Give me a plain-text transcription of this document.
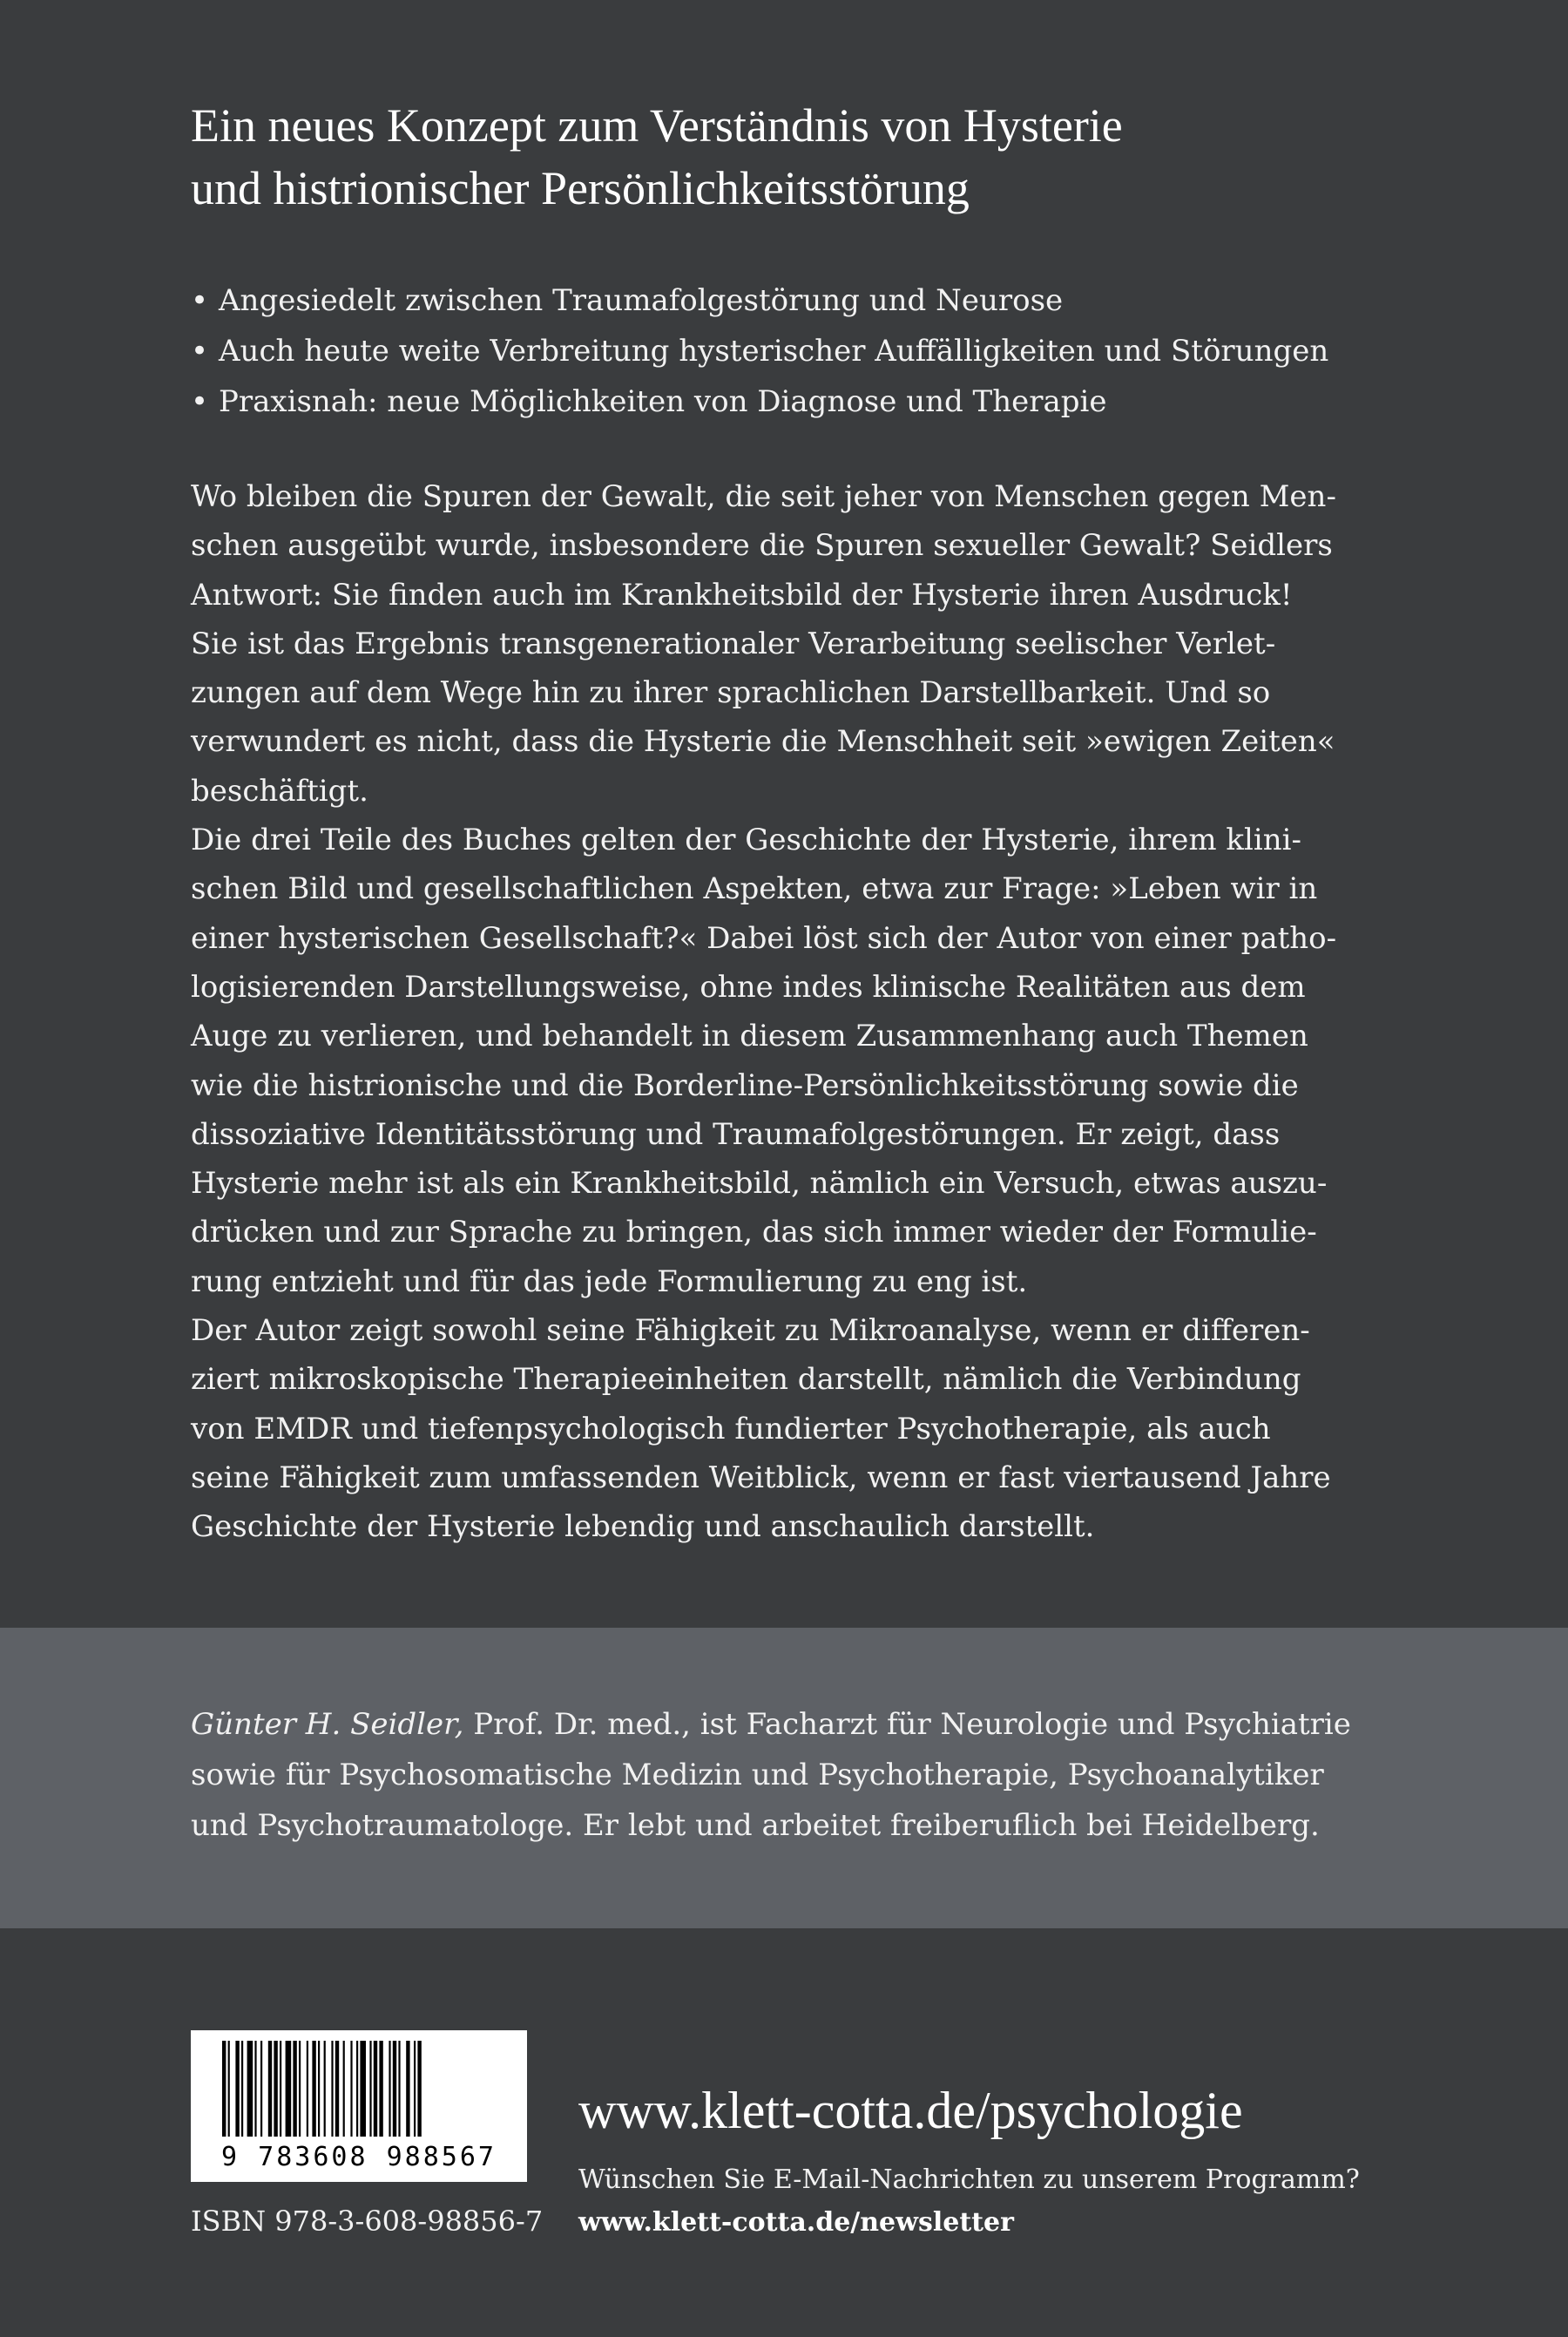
Ein neues Konzept zum Verständnis von Hysterie
und histrionischer Persönlichkeitsstörung
• Angesiedelt zwischen Traumafolgestörung und Neurose
• Auch heute weite Verbreitung hysterischer Auffälligkeiten und Störungen
• Praxisnah: neue Möglichkeiten von Diagnose und Therapie
Wo bleiben die Spuren der Gewalt, die seit jeher von Menschen gegen Men-
schen ausgeübt wurde, insbesondere die Spuren sexueller Gewalt? Seidlers
Antwort: Sie finden auch im Krankheitsbild der Hysterie ihren Ausdruck!
Sie ist das Ergebnis transgenerationaler Verarbeitung seelischer Verlet-
zungen auf dem Wege hin zu ihrer sprachlichen Darstellbarkeit. Und so
verwundert es nicht, dass die Hysterie die Menschheit seit »ewigen Zeiten«
beschäftigt.
Die drei Teile des Buches gelten der Geschichte der Hysterie, ihrem klini-
schen Bild und gesellschaftlichen Aspekten, etwa zur Frage: »Leben wir in
einer hysterischen Gesellschaft?« Dabei löst sich der Autor von einer patho-
logisierenden Darstellungsweise, ohne indes klinische Realitäten aus dem
Auge zu verlieren, und behandelt in diesem Zusammenhang auch Themen
wie die histrionische und die Borderline-Persönlichkeitsstörung sowie die
dissoziative Identitätsstörung und Traumafolgestörungen. Er zeigt, dass
Hysterie mehr ist als ein Krankheitsbild, nämlich ein Versuch, etwas auszu-
drücken und zur Sprache zu bringen, das sich immer wieder der Formulie-
rung entzieht und für das jede Formulierung zu eng ist.
Der Autor zeigt sowohl seine Fähigkeit zu Mikroanalyse, wenn er differen-
ziert mikroskopische Therapieeinheiten darstellt, nämlich die Verbindung
von EMDR und tiefenpsychologisch fundierter Psychotherapie, als auch
seine Fähigkeit zum umfassenden Weitblick, wenn er fast viertausend Jahre
Geschichte der Hysterie lebendig und anschaulich darstellt.
Günter H. Seidler, Prof. Dr. med., ist Facharzt für Neurologie und Psychiatrie
sowie für Psychosomatische Medizin und Psychotherapie, Psychoanalytiker
und Psychotraumatologe. Er lebt und arbeitet freiberuflich bei Heidelberg.
9 783608 988567
ISBN 978-3-608-98856-7
www.klett-cotta.de/psychologie
Wünschen Sie E-Mail-Nachrichten zu unserem Programm?
www.klett-cotta.de/newsletter
